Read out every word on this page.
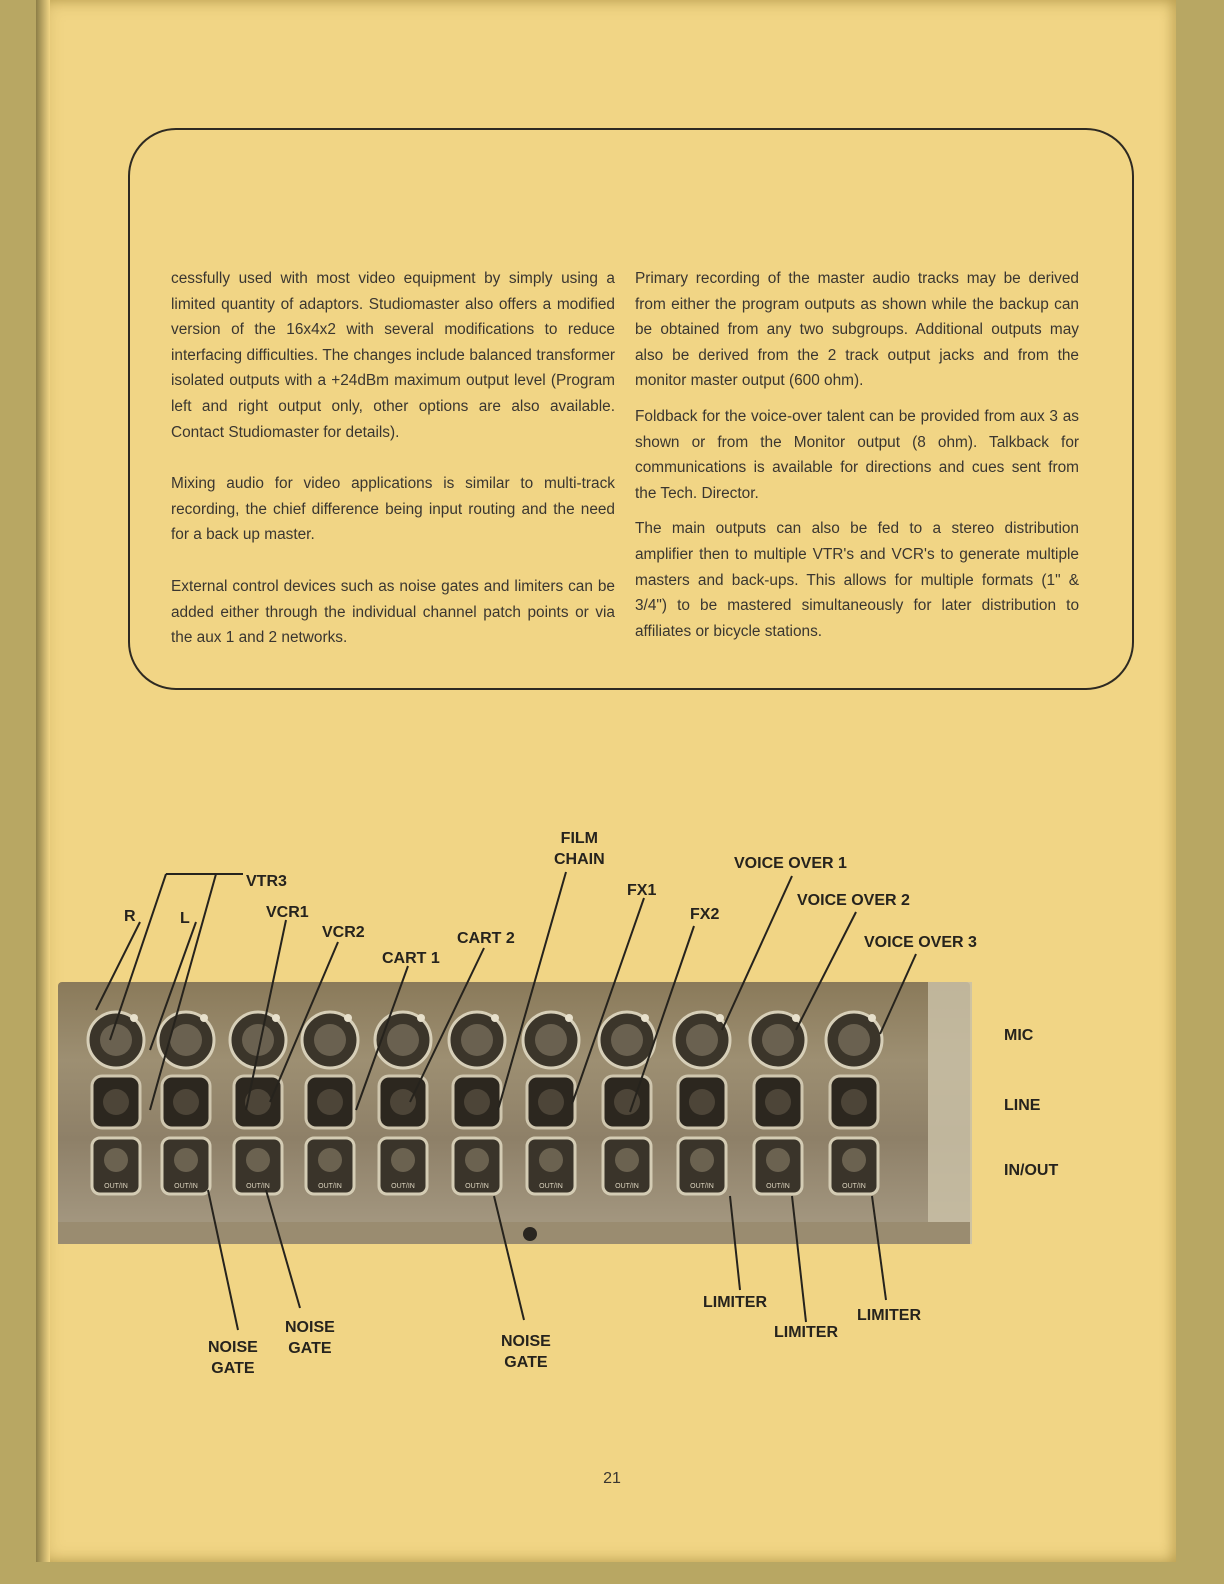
cessfully used with most video equipment by simply using a limited quantity of adaptors. Studiomaster also offers a modified version of the 16x4x2 with several modifications to reduce interfacing difficulties. The changes include balanced transformer isolated outputs with a +24dBm maximum output level (Program left and right output only, other options are also available. Contact Studiomaster for details).

Mixing audio for video applications is similar to multi-track recording, the chief difference being input routing and the need for a back up master.

External control devices such as noise gates and limiters can be added either through the individual channel patch points or via the aux 1 and 2 networks.

Primary recording of the master audio tracks may be derived from either the program outputs as shown while the backup can be obtained from any two subgroups. Additional outputs may also be derived from the 2 track output jacks and from the monitor master output (600 ohm).

Foldback for the voice-over talent can be provided from aux 3 as shown or from the Monitor output (8 ohm). Talkback for communications is available for directions and cues sent from the Tech. Director.

The main outputs can also be fed to a stereo distribution amplifier then to multiple VTR's and VCR's to generate multiple masters and back-ups. This allows for multiple formats (1" & 3/4") to be mastered simultaneously for later distribution to affiliates or bicycle stations.

OUT/IN	OUT/IN	OUT/IN	OUT/IN	OUT/IN	OUT/IN	OUT/IN	OUT/IN	OUT/IN	OUT/IN	OUT/IN
R	L
VTR3
VCR1
VCR2
CART 1
CART 2
FILM
CHAIN
FX1
FX2
VOICE OVER 1
VOICE OVER 2
VOICE OVER 3
MIC
LINE
IN/OUT
NOISE
GATE
NOISE
GATE	NOISE
GATE
LIMITER
LIMITER
LIMITER
21
